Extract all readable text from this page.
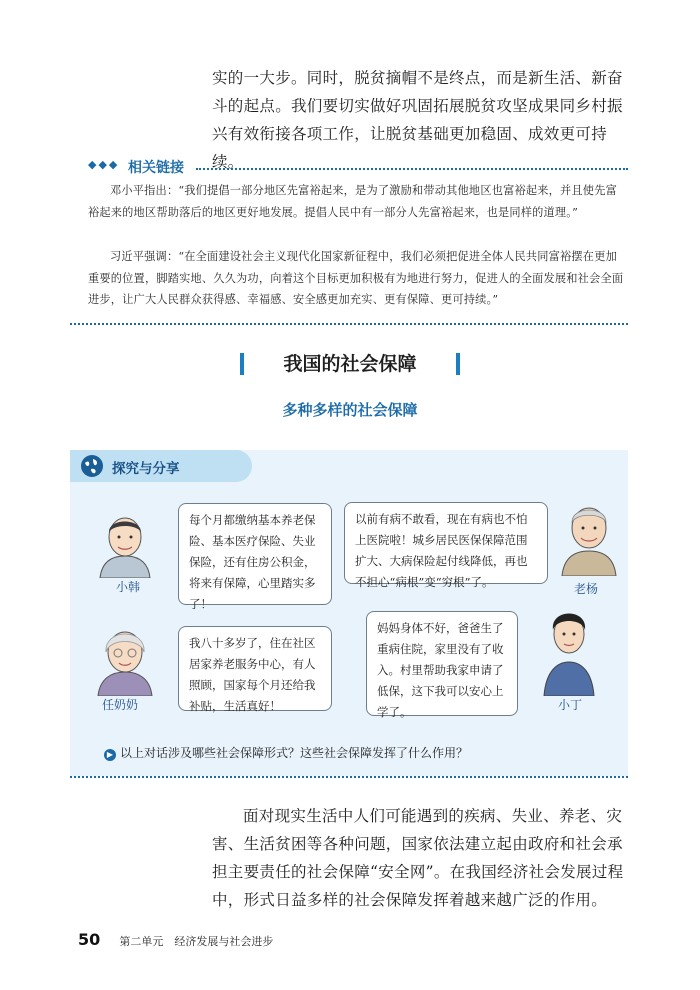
实的一大步。同时，脱贫摘帽不是终点，而是新生活、新奋斗的起点。我们要切实做好巩固拓展脱贫攻坚成果同乡村振兴有效衔接各项工作，让脱贫基础更加稳固、成效更可持续。
◆◆◆ 相关链接
邓小平指出：“我们提倡一部分地区先富裕起来，是为了激励和带动其他地区也富裕起来，并且使先富裕起来的地区帮助落后的地区更好地发展。提倡人民中有一部分人先富裕起来，也是同样的道理。”
习近平强调：“在全面建设社会主义现代化国家新征程中，我们必须把促进全体人民共同富裕摆在更加重要的位置，脚踏实地、久久为功，向着这个目标更加积极有为地进行努力，促进人的全面发展和社会全面进步，让广大人民群众获得感、幸福感、安全感更加充实、更有保障、更可持续。”
我国的社会保障
多种多样的社会保障
探究与分享
每个月都缴纳基本养老保险、基本医疗保险、失业保险，还有住房公积金，将来有保障，心里踏实多了！
以前有病不敢看，现在有病也不怕上医院啦！城乡居民医保保障范围扩大、大病保险起付线降低，再也不担心“病根”变“穷根”了。
我八十多岁了，住在社区居家养老服务中心，有人照顾，国家每个月还给我补贴，生活真好！
妈妈身体不好，爸爸生了重病住院，家里没有了收入。村里帮助我家申请了低保，这下我可以安心上学了。
小韩	老杨
任奶奶	小丁
▶ 以上对话涉及哪些社会保障形式？这些社会保障发挥了什么作用？
面对现实生活中人们可能遇到的疾病、失业、养老、灾害、生活贫困等各种问题，国家依法建立起由政府和社会承担主要责任的社会保障“安全网”。在我国经济社会发展过程中，形式日益多样的社会保障发挥着越来越广泛的作用。
50 第二单元　经济发展与社会进步
